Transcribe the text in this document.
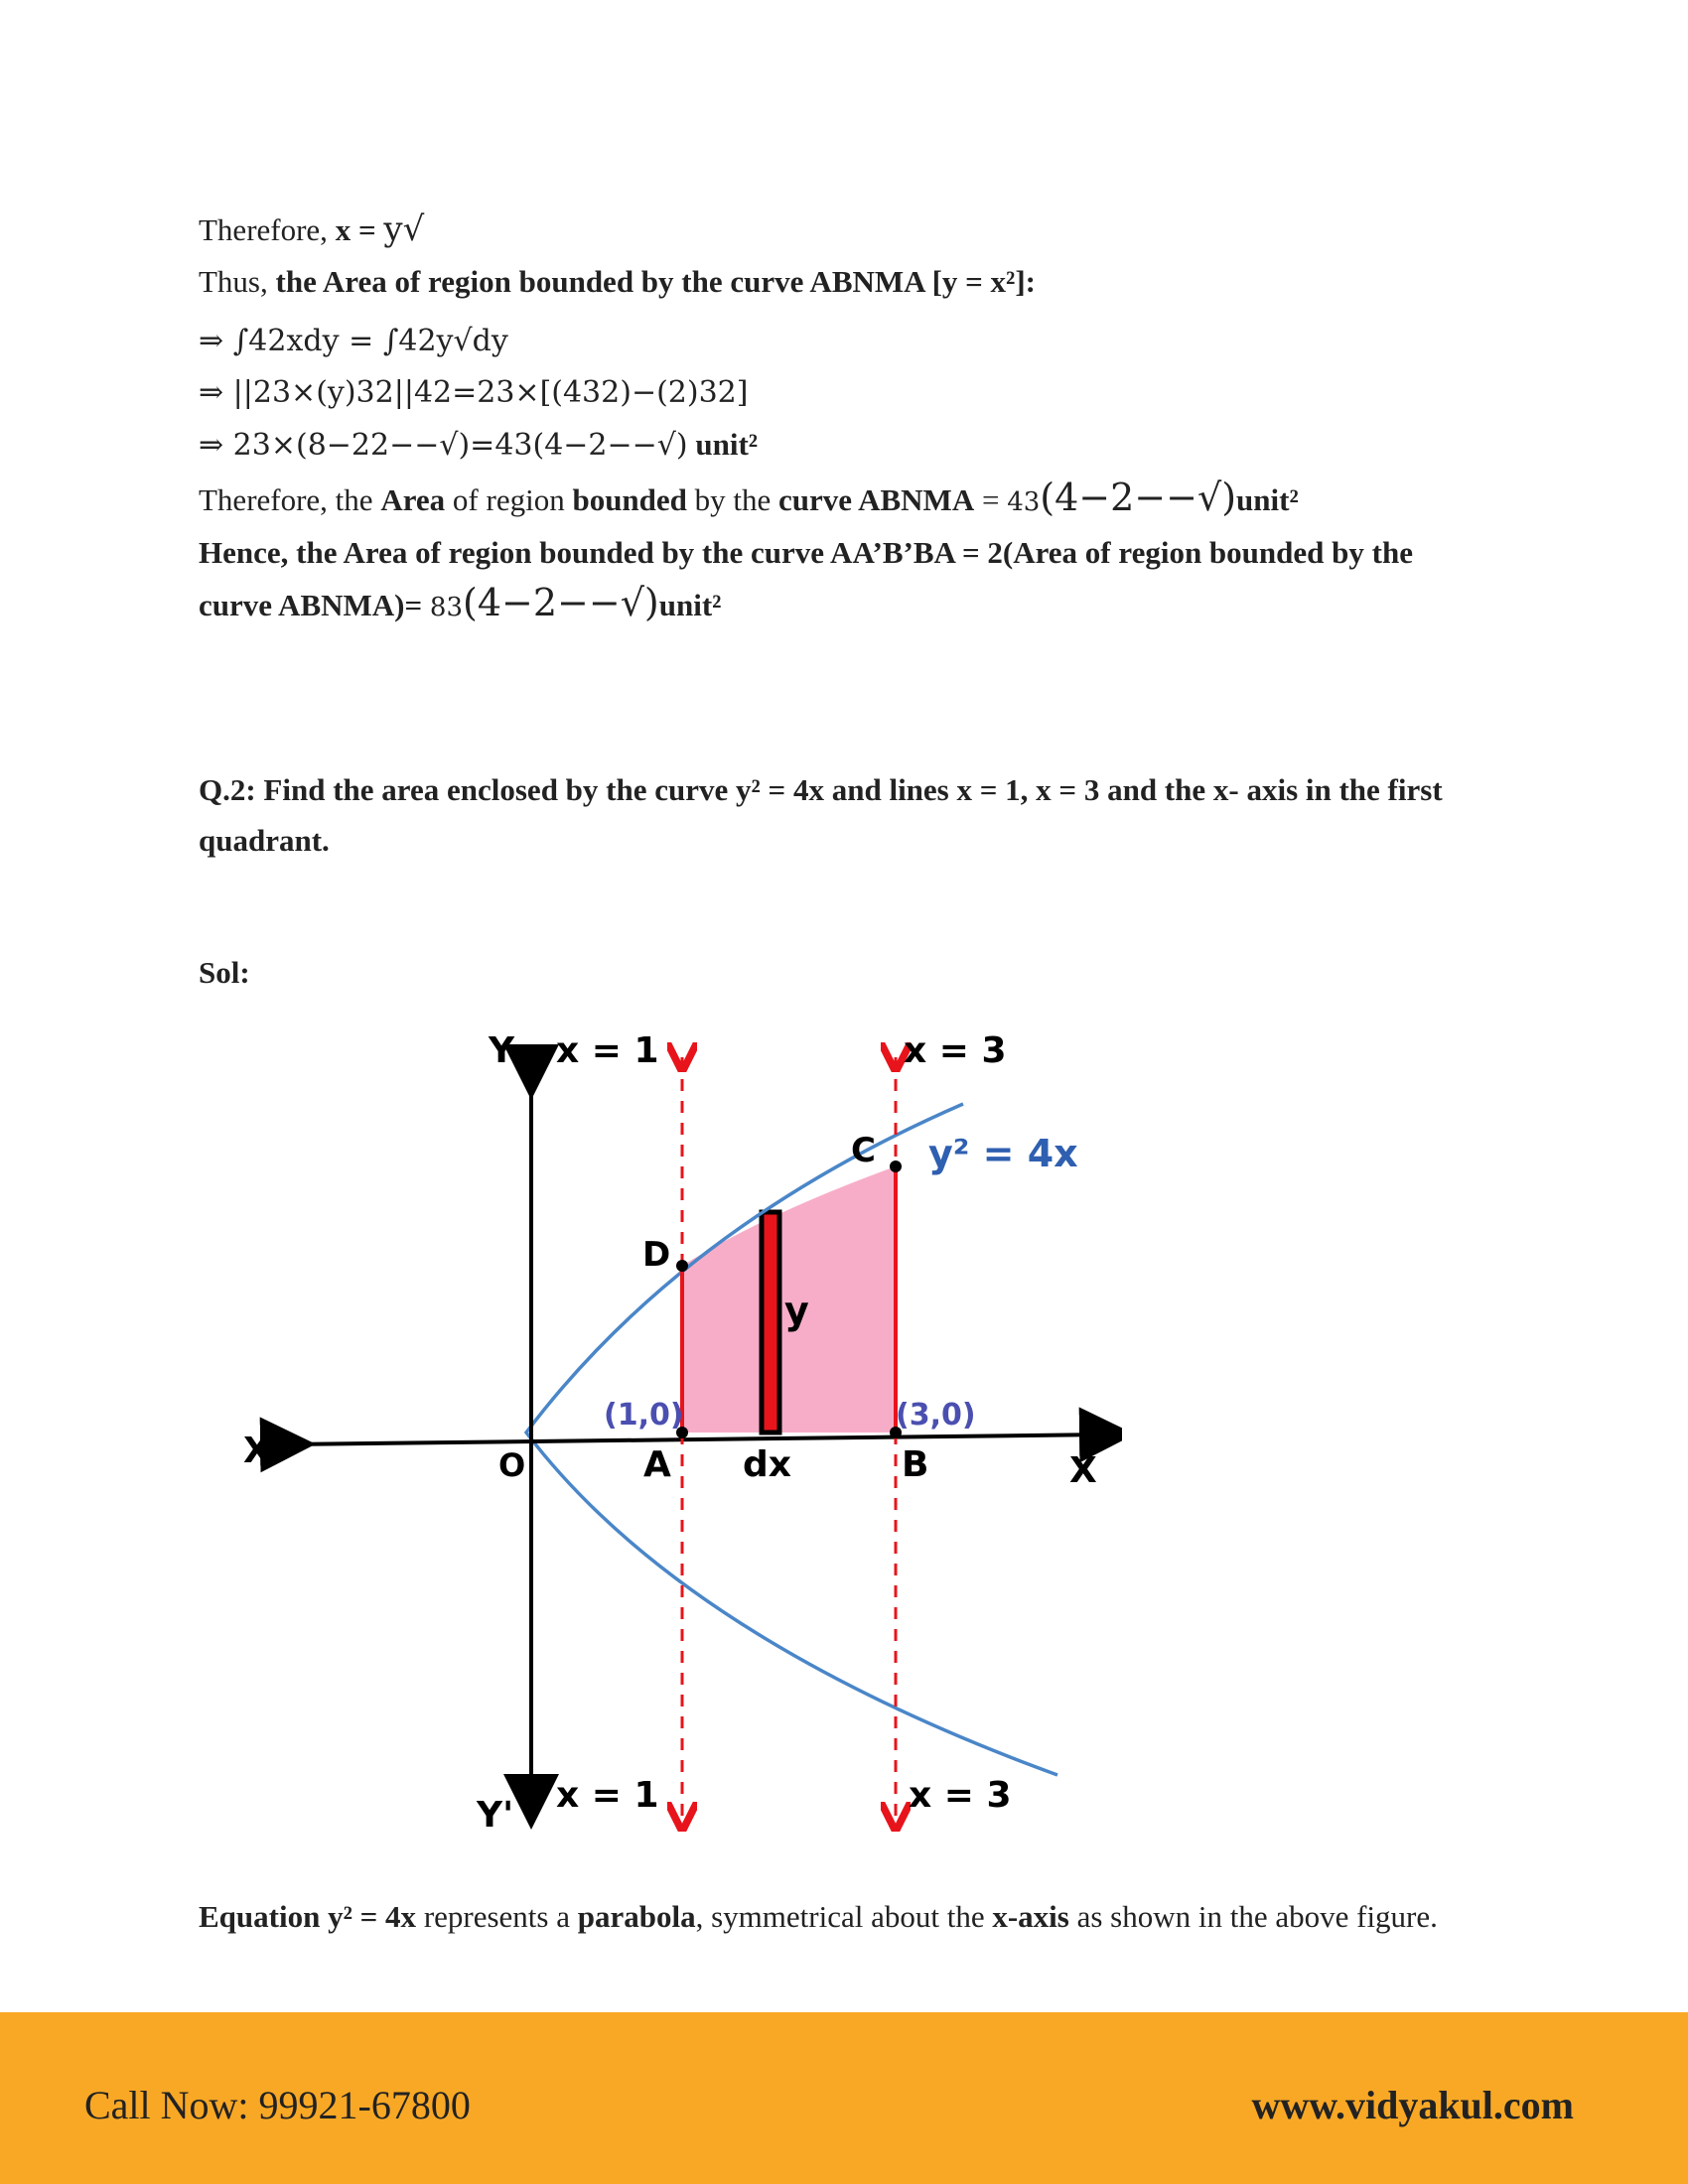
Therefore, x = y√
Thus, the Area of region bounded by the curve ABNMA [y = x²]:
⇒ ∫42xdy = ∫42y√dy
⇒ ||23×(y)32||42=23×[(432)−(2)32]
⇒ 23×(8−22−−√)=43(4−2−−√) unit²
Therefore, the Area of region bounded by the curve ABNMA = 43(4−2−−√)unit²
Hence, the Area of region bounded by the curve AA’B’BA = 2(Area of region bounded by the curve ABNMA)= 83(4−2−−√)unit²
Q.2: Find the area enclosed by the curve y² = 4x and lines x = 1, x = 3 and the x- axis in the first quadrant.
Sol:
Y x = 1	x = 3
C
D
y
A dx	B	X
X'	O
Y' x = 1	x = 3
y² = 4x
(1,0)	(3,0)
Equation y² = 4x represents a parabola, symmetrical about the x-axis as shown in the above figure.
Call Now: 99921-67800	www.vidyakul.com
